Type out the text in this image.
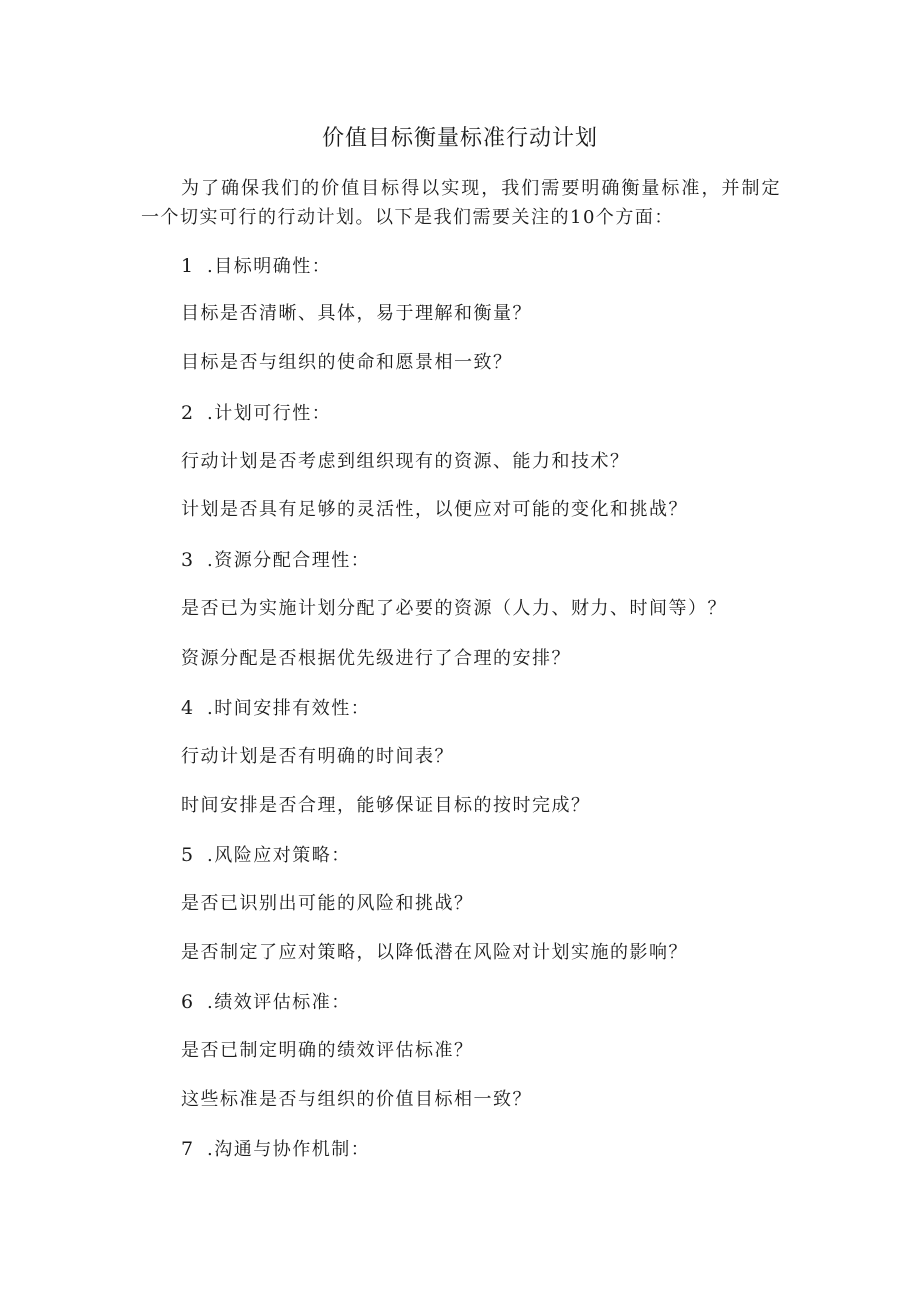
价值目标衡量标准行动计划
为了确保我们的价值目标得以实现，我们需要明确衡量标准，并制定一个切实可行的行动计划。以下是我们需要关注的10个方面：
1 .目标明确性：
目标是否清晰、具体，易于理解和衡量？
目标是否与组织的使命和愿景相一致？
2 .计划可行性：
行动计划是否考虑到组织现有的资源、能力和技术？
计划是否具有足够的灵活性，以便应对可能的变化和挑战？
3 .资源分配合理性：
是否已为实施计划分配了必要的资源（人力、财力、时间等）？
资源分配是否根据优先级进行了合理的安排？
4 .时间安排有效性：
行动计划是否有明确的时间表？
时间安排是否合理，能够保证目标的按时完成？
5 .风险应对策略：
是否已识别出可能的风险和挑战？
是否制定了应对策略，以降低潜在风险对计划实施的影响？
6 .绩效评估标准：
是否已制定明确的绩效评估标准？
这些标准是否与组织的价值目标相一致？
7 .沟通与协作机制：
